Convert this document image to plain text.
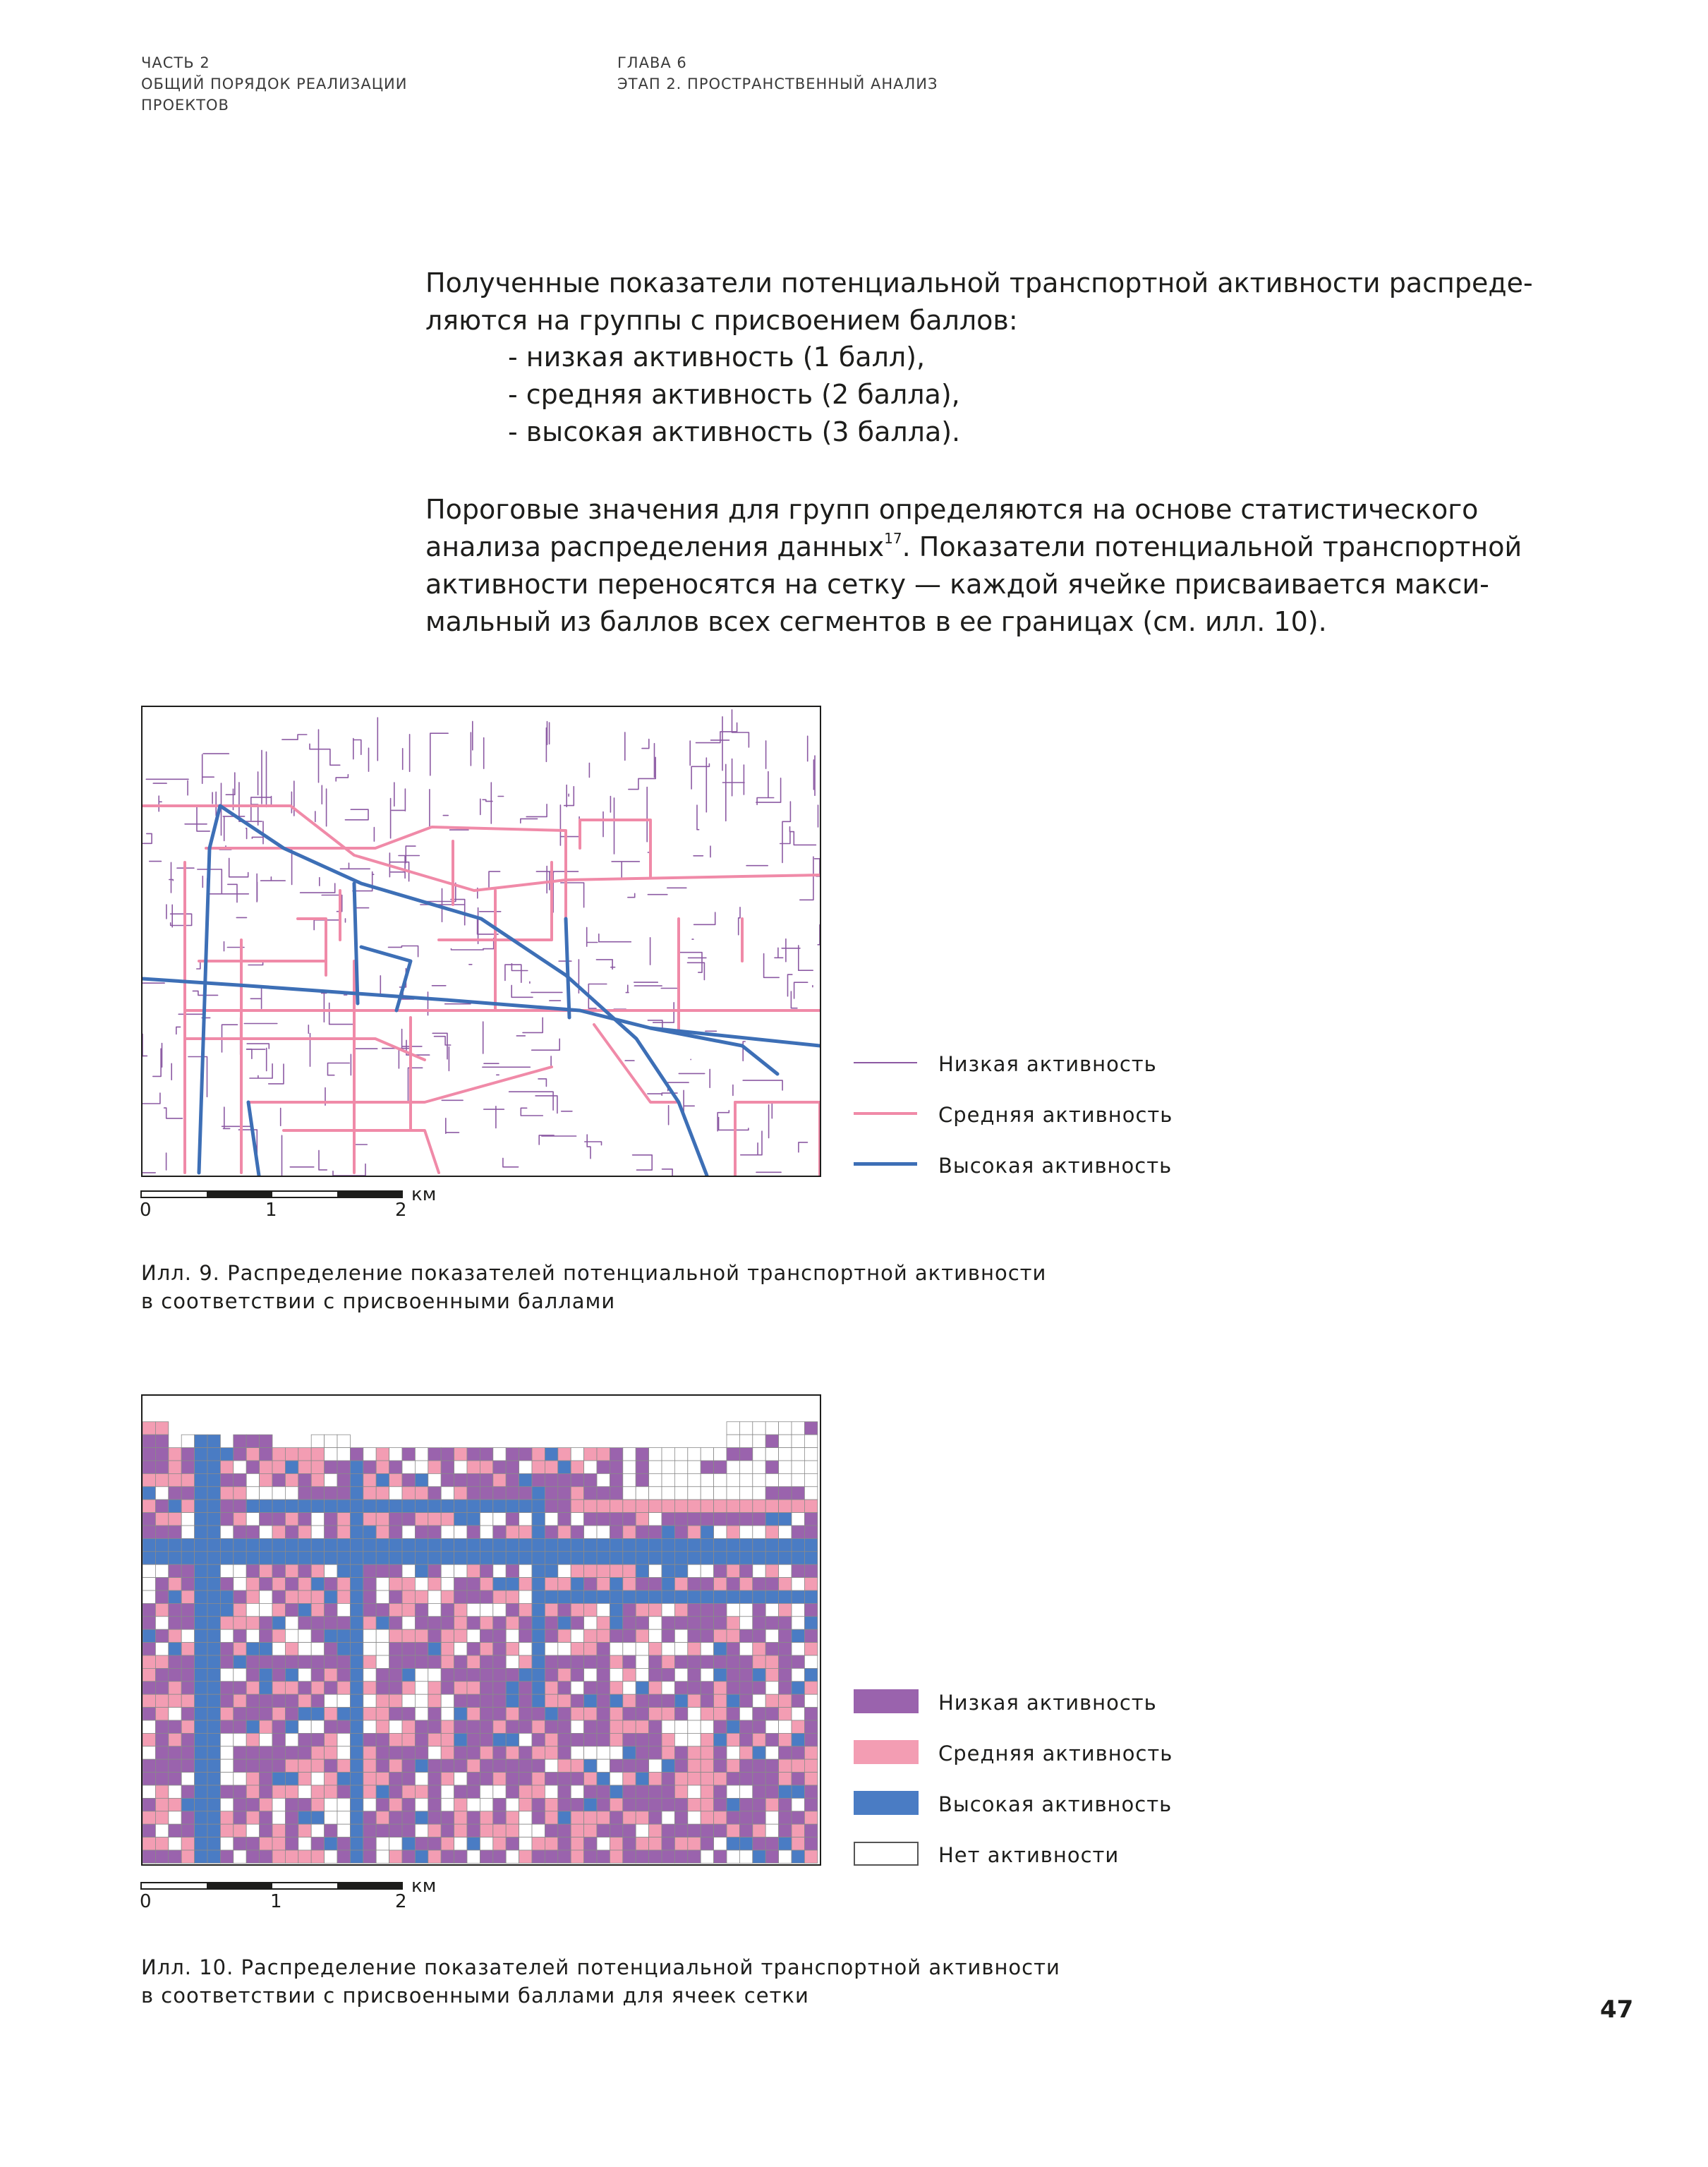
ЧАСТЬ 2
ОБЩИЙ ПОРЯДОК РЕАЛИЗАЦИИ
ПРОЕКТОВ
ГЛАВА 6
ЭТАП 2. ПРОСТРАНСТВЕННЫЙ АНАЛИЗ

Полученные показатели потенциальной транспортной активности распреде-

ляются на группы с присвоением баллов:

- низкая активность (1 балл),

- средняя активность (2 балла),

- высокая активность (3 балла).

Пороговые значения для групп определяются на основе статистического

анализа распределения данных$^{17}$. Показатели потенциальной транспортной

активности переносятся на сетку — каждой ячейке присваивается макси-

мальный из баллов всех сегментов в ее границах (см. илл. 10).

Низкая активность
Средняя активность
Высокая активность
0	1	2
км
Илл. 9. Распределение показателей потенциальной транспортной активности
в соответствии с присвоенными баллами
Низкая активность
Средняя активность
Высокая активность
Нет активности
0	1	2
км
Илл. 10. Распределение показателей потенциальной транспортной активности
в соответствии с присвоенными баллами для ячеек сетки	47
